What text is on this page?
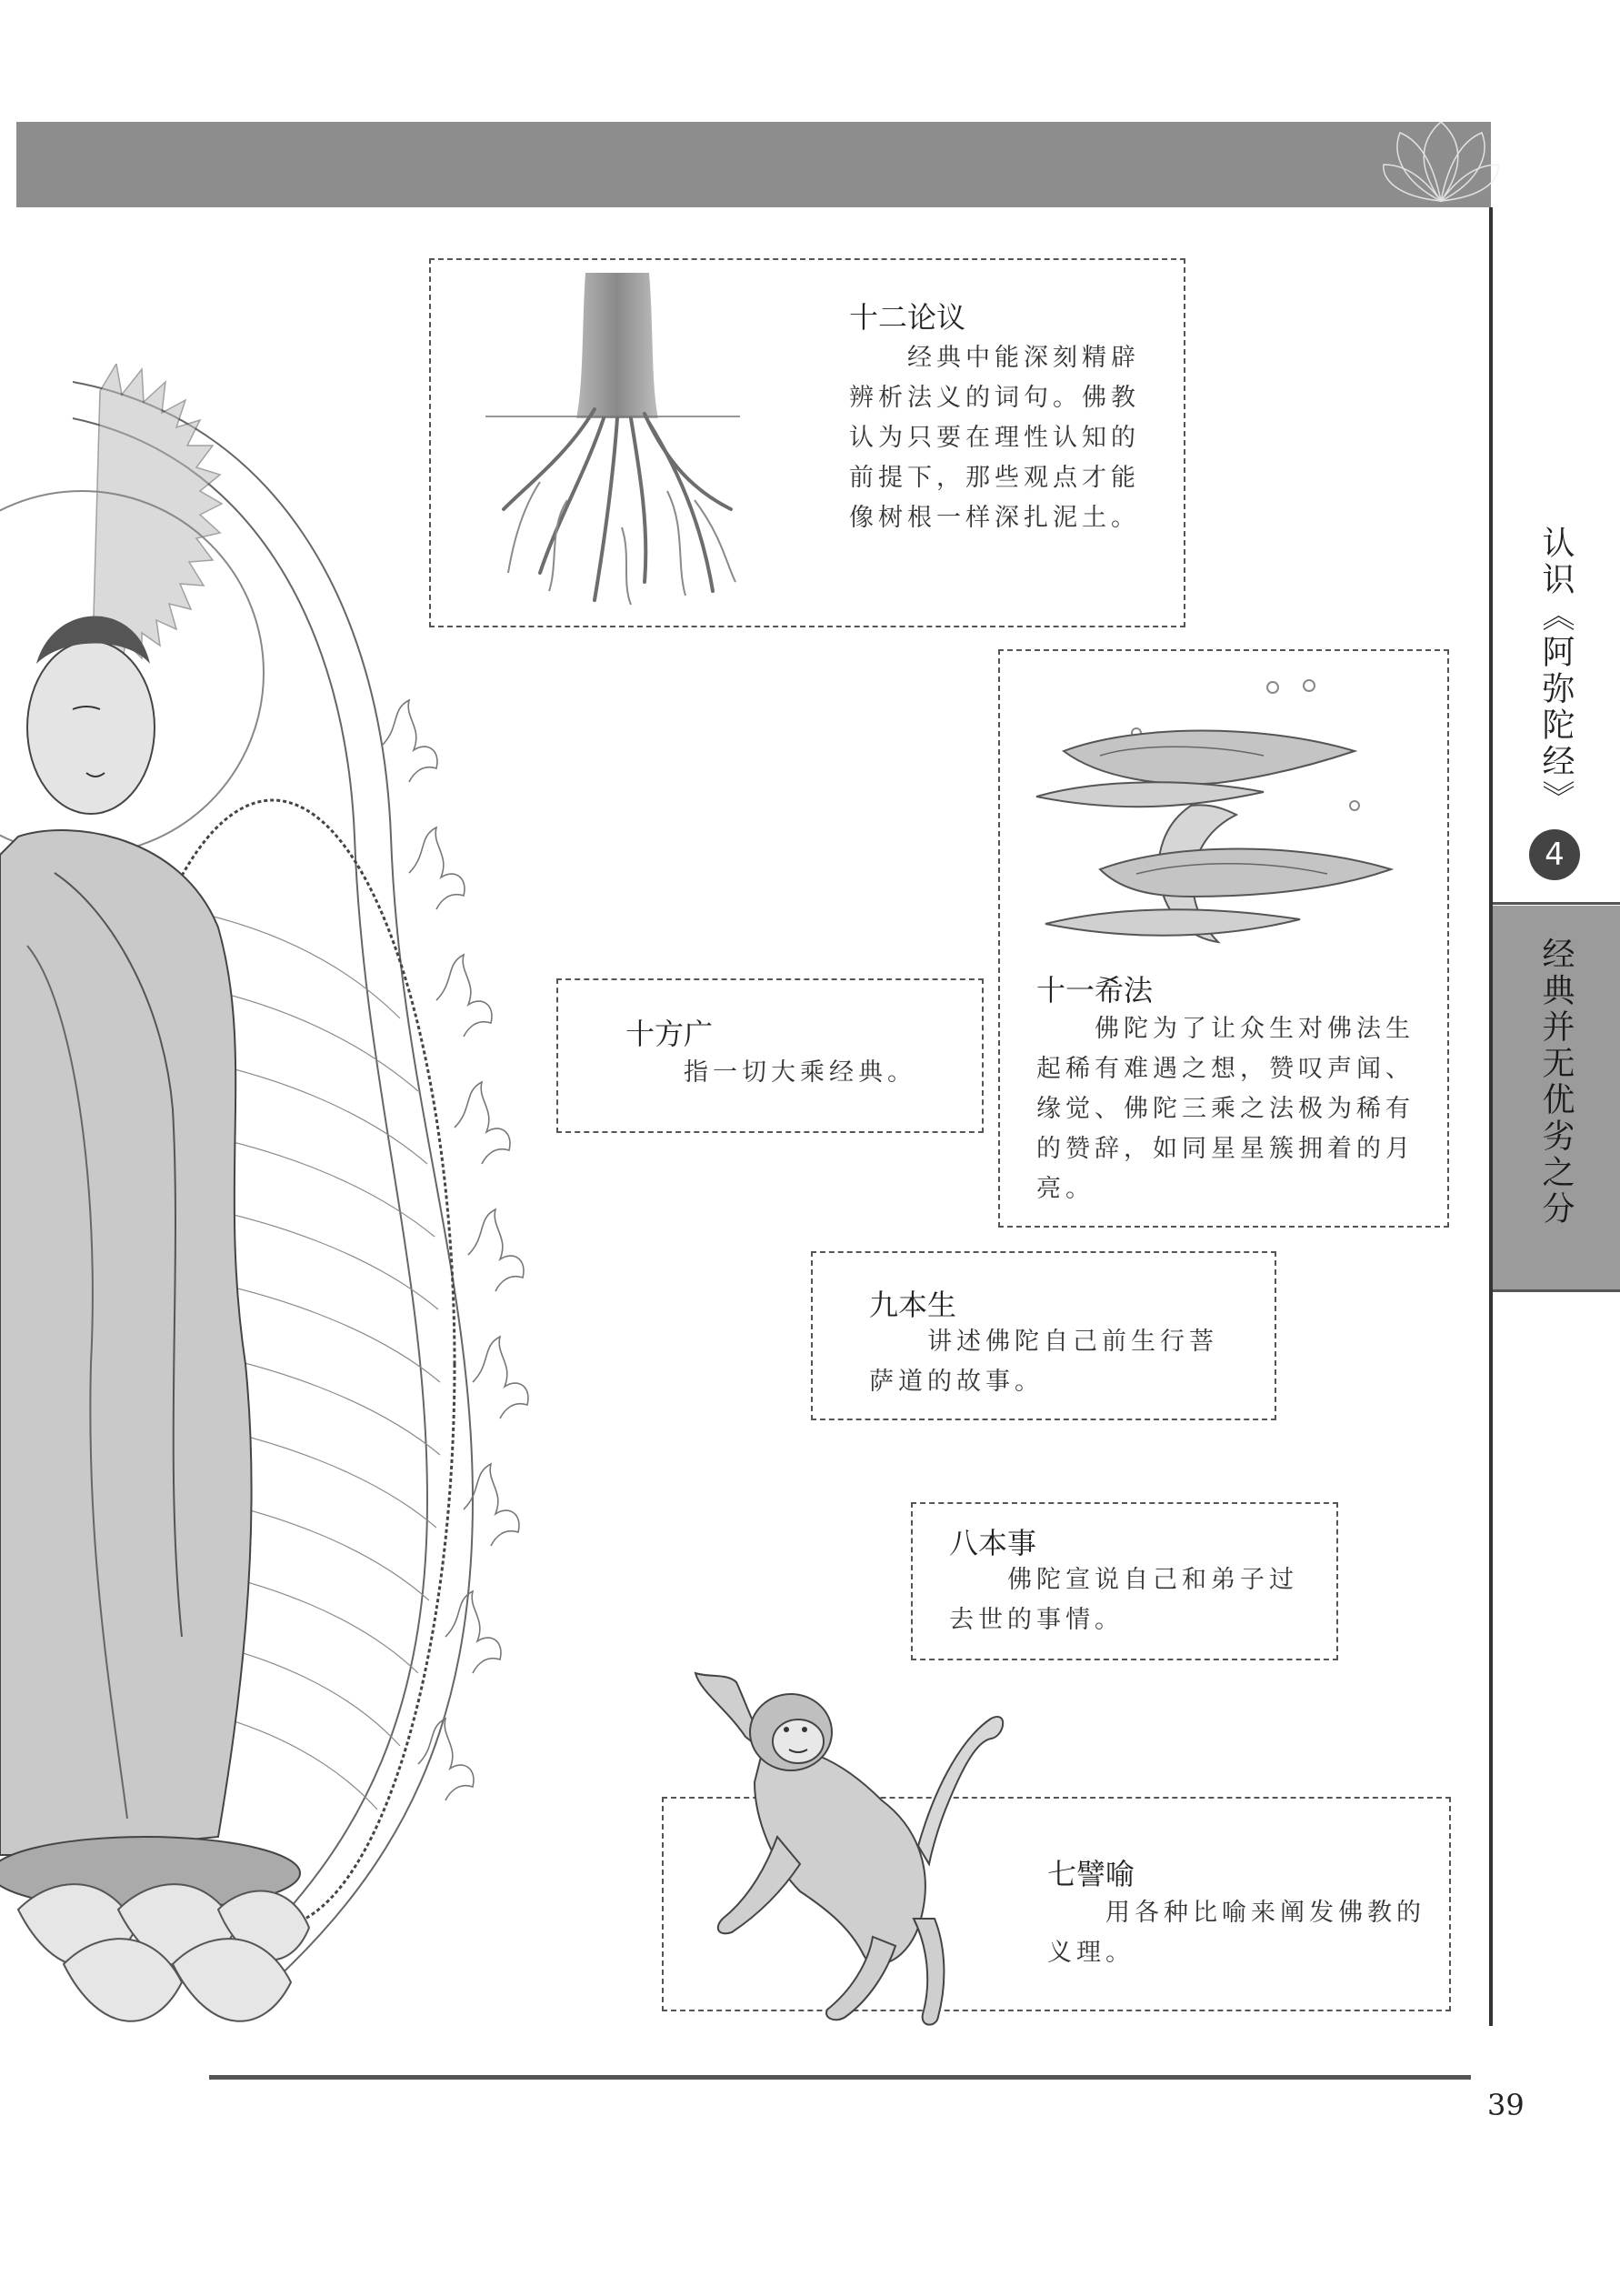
认识《阿弥陀经》
4
经典并无优劣之分
十二论议

经典中能深刻精辟辨析法义的词句。佛教认为只要在理性认知的前提下，那些观点才能像树根一样深扎泥土。

十一希法

佛陀为了让众生对佛法生起稀有难遇之想，赞叹声闻、缘觉、佛陀三乘之法极为稀有的赞辞，如同星星簇拥着的月亮。

十方广

指一切大乘经典。

九本生

讲述佛陀自己前生行菩萨道的故事。

八本事

佛陀宣说自己和弟子过去世的事情。

七譬喻

用各种比喻来阐发佛教的义理。

39
